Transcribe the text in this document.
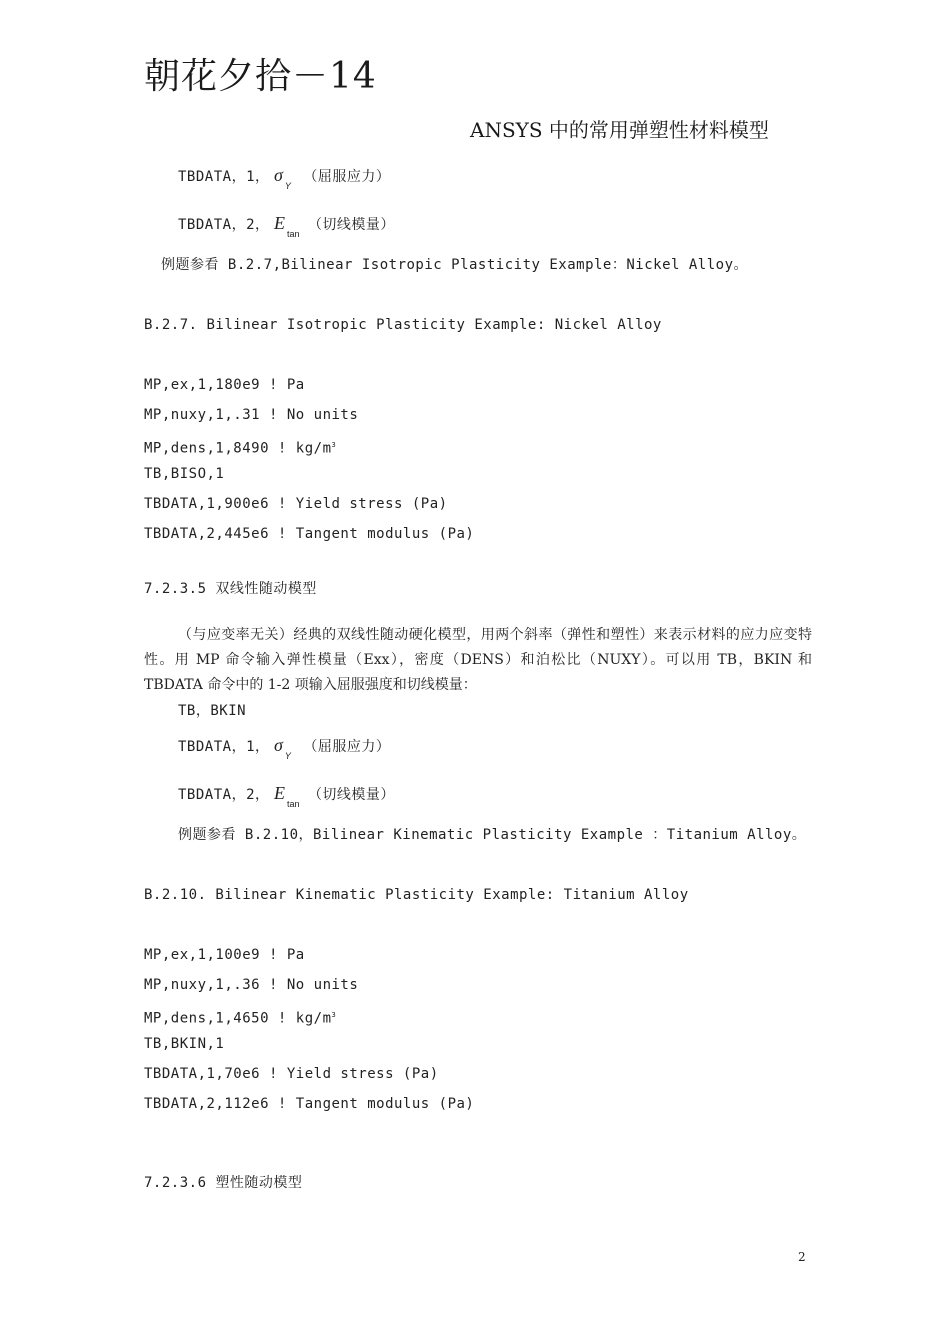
朝花夕拾－14
ANSYS 中的常用弹塑性材料模型
TBDATA，1， $\sigma_Y$ （屈服应力）
TBDATA，2， $E_{tan}$ （切线模量）
例题参看 B.2.7,Bilinear Isotropic Plasticity Example：Nickel Alloy。
B.2.7. Bilinear Isotropic Plasticity Example: Nickel Alloy
MP,ex,1,180e9 ! Pa
MP,nuxy,1,.31 ! No units
MP,dens,1,8490 ! $kg/m^3$
TB,BISO,1
TBDATA,1,900e6 ! Yield stress (Pa)
TBDATA,2,445e6 ! Tangent modulus (Pa)
7.2.3.5 双线性随动模型
（与应变率无关）经典的双线性随动硬化模型，用两个斜率（弹性和塑性）来表示材料的应力应变特性。用 MP 命令输入弹性模量（Exx），密度（DENS）和泊松比（NUXY）。可以用 TB，BKIN 和 TBDATA 命令中的 1-2 项输入屈服强度和切线模量：
TB，BKIN
TBDATA，1， $\sigma_Y$ （屈服应力）
TBDATA，2， $E_{tan}$ （切线模量）
例题参看 B.2.10，Bilinear Kinematic Plasticity Example ：Titanium Alloy。
B.2.10. Bilinear Kinematic Plasticity Example: Titanium Alloy
MP,ex,1,100e9 ! Pa
MP,nuxy,1,.36 ! No units
MP,dens,1,4650 ! $kg/m^3$
TB,BKIN,1
TBDATA,1,70e6 ! Yield stress (Pa)
TBDATA,2,112e6 ! Tangent modulus (Pa)
7.2.3.6 塑性随动模型
2
